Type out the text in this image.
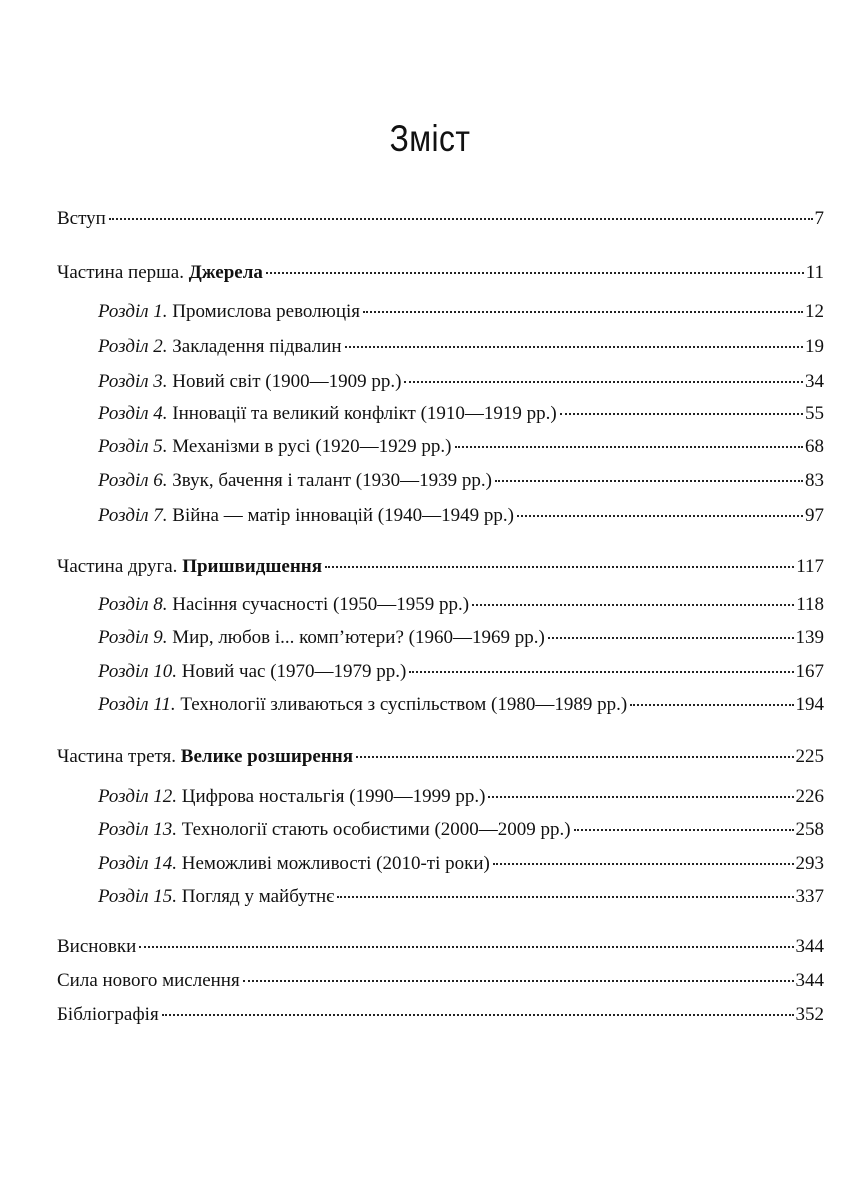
Зміст
Вступ	7
Частина перша. Джерела	11
Розділ 1. Промислова революція	12
Розділ 2. Закладення підвалин	19
Розділ 3. Новий світ (1900—1909 рр.)	34
Розділ 4. Інновації та великий конфлікт (1910—1919 рр.)	55
Розділ 5. Механізми в русі (1920—1929 рр.)	68
Розділ 6. Звук, бачення і талант (1930—1939 рр.)	83
Розділ 7. Війна — матір інновацій (1940—1949 рр.)	97
Частина друга. Пришвидшення	117
Розділ 8. Насіння сучасності (1950—1959 рр.)	118
Розділ 9. Мир, любов і... комп’ютери? (1960—1969 рр.)	139
Розділ 10. Новий час (1970—1979 рр.)	167
Розділ 11. Технології зливаються з суспільством (1980—1989 рр.)	194
Частина третя. Велике розширення	225
Розділ 12. Цифрова ностальгія (1990—1999 рр.)	226
Розділ 13. Технології стають особистими (2000—2009 рр.)	258
Розділ 14. Неможливі можливості (2010-ті роки)	293
Розділ 15. Погляд у майбутнє	337
Висновки	344
Сила нового мислення	344
Бібліографія	352
